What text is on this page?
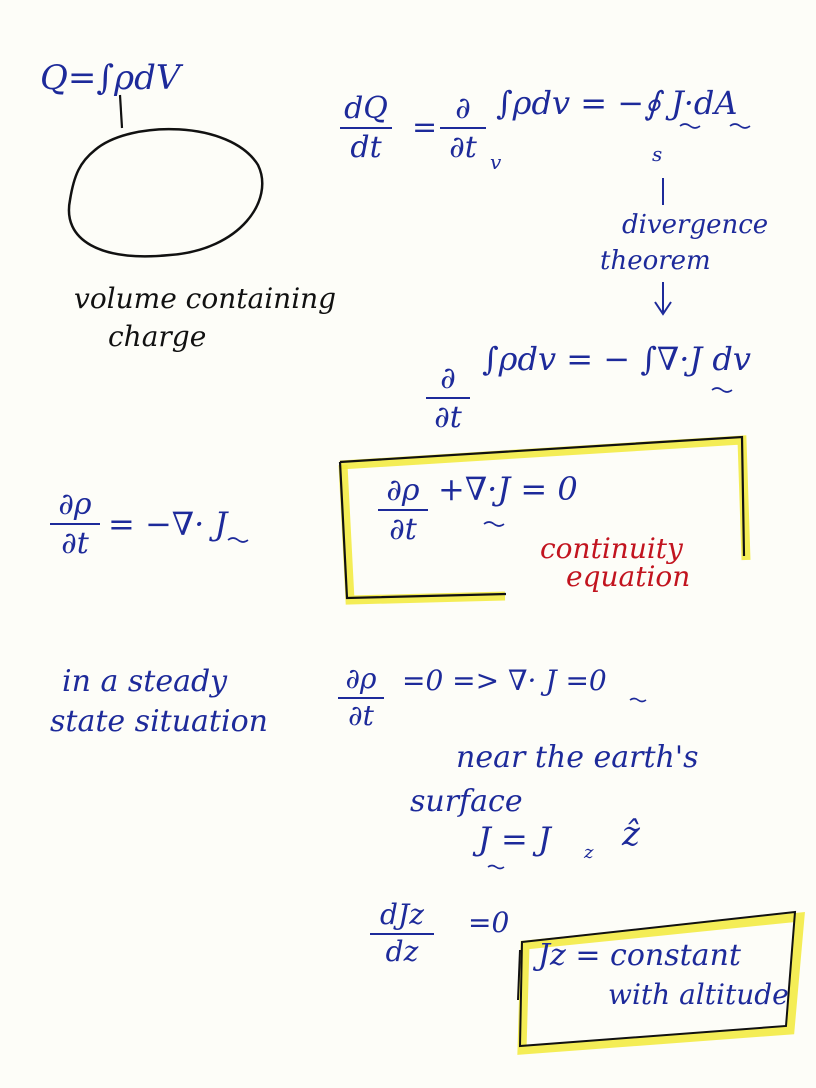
Q=∫ρdV
volume containing
charge
dQ
dt
=
∂
∂t
∫ρdv = −∮ J·dA
v	s
divergence
theorem
∂
∂t
∫ρdv = − ∫∇·J dv
∂ρ
∂t
= −∇· J
∂ρ
∂t
+∇·J = 0
continuity
equation
in a steady
state situation
∂ρ
∂t
=0 => ∇· J =0
near the earth's
surface
J = J z ẑ
dJz
dz
=0
Jz = constant
with altitude
